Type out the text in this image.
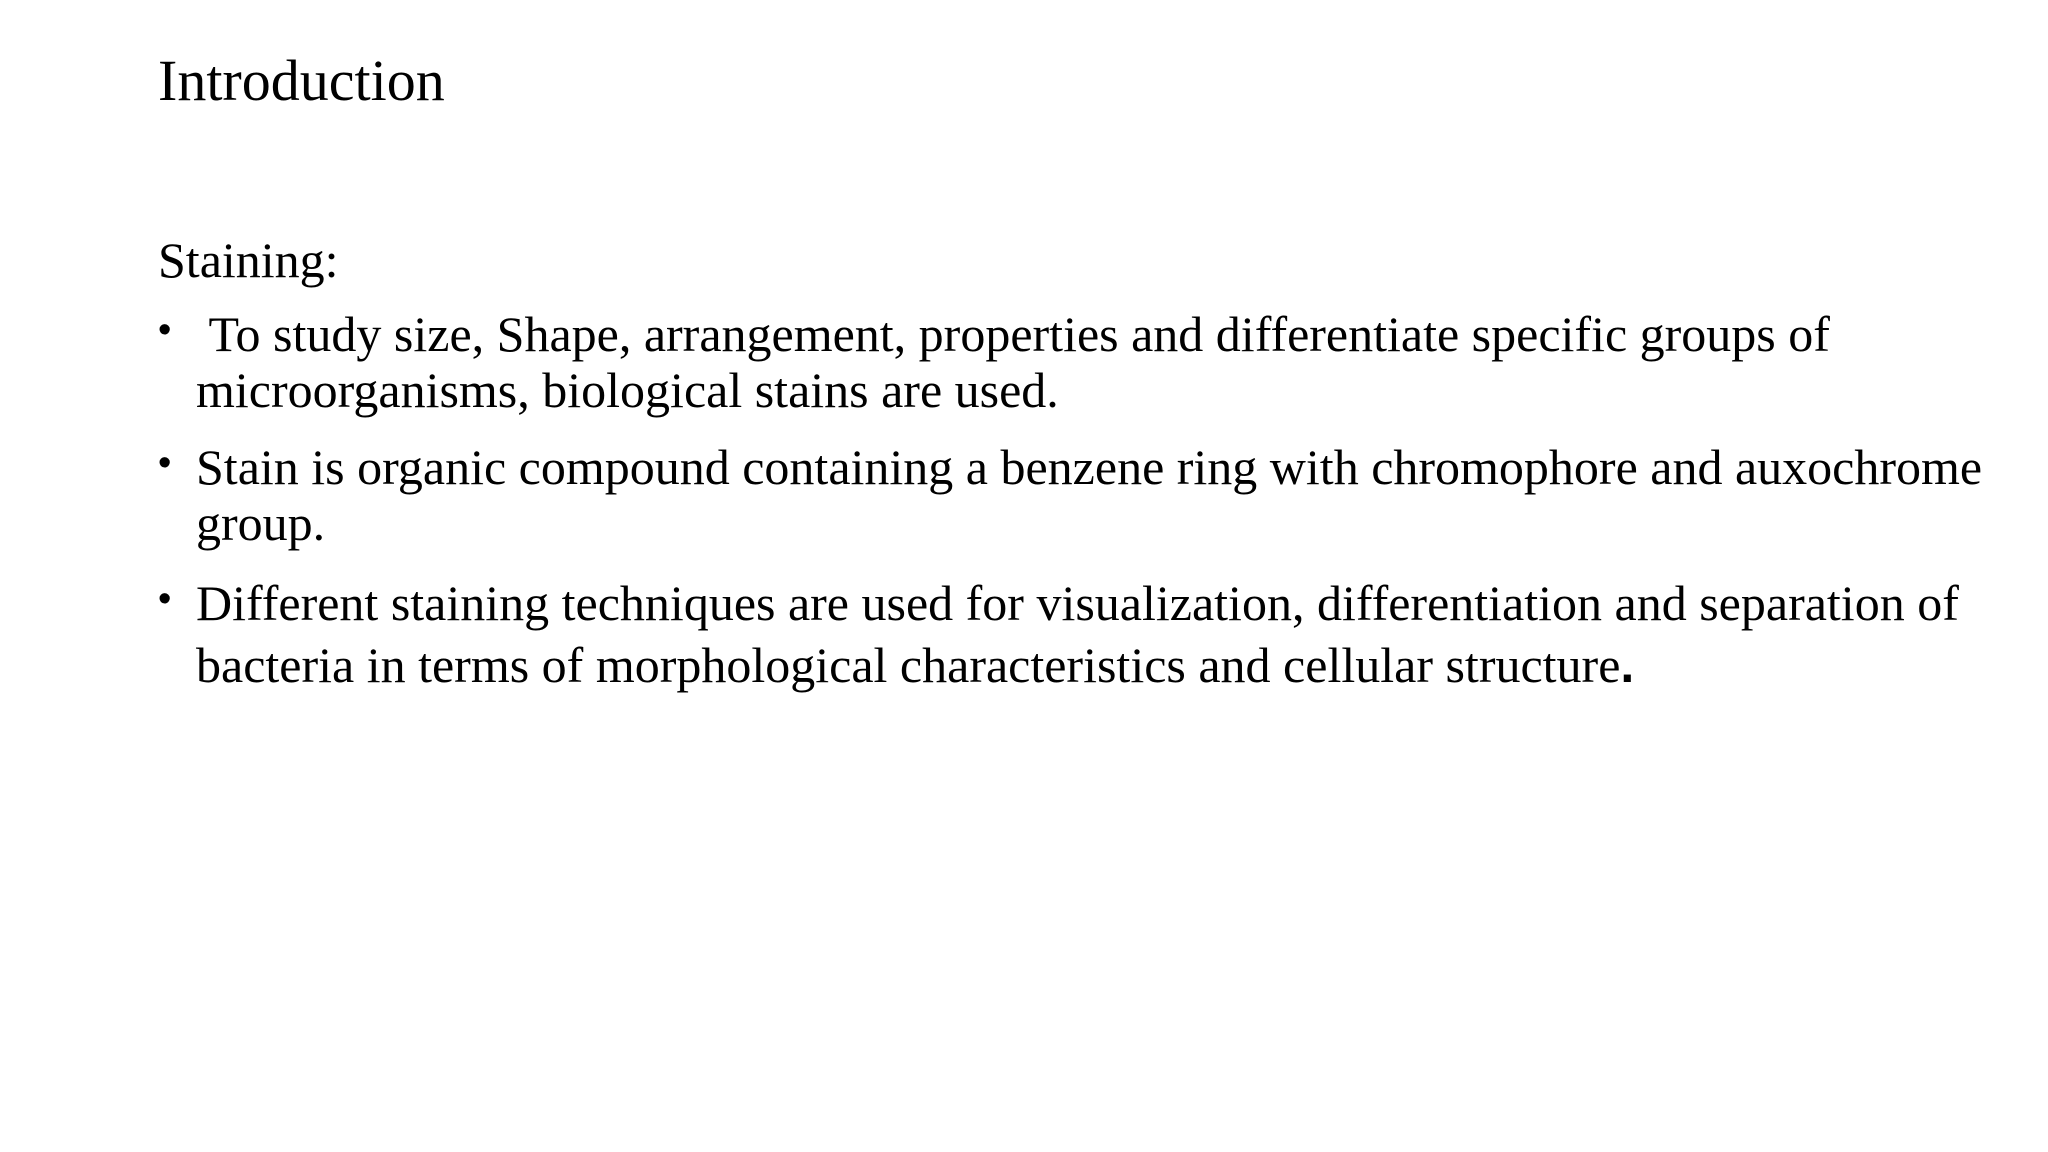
Introduction

Staining:

• To study size, Shape, arrangement, properties and differentiate specific groups of microorganisms, biological stains are used.
• Stain is organic compound containing a benzene ring with chromophore and auxochrome group.
• Different staining techniques are used for visualization, differentiation and separation of bacteria in terms of morphological characteristics and cellular structure.
